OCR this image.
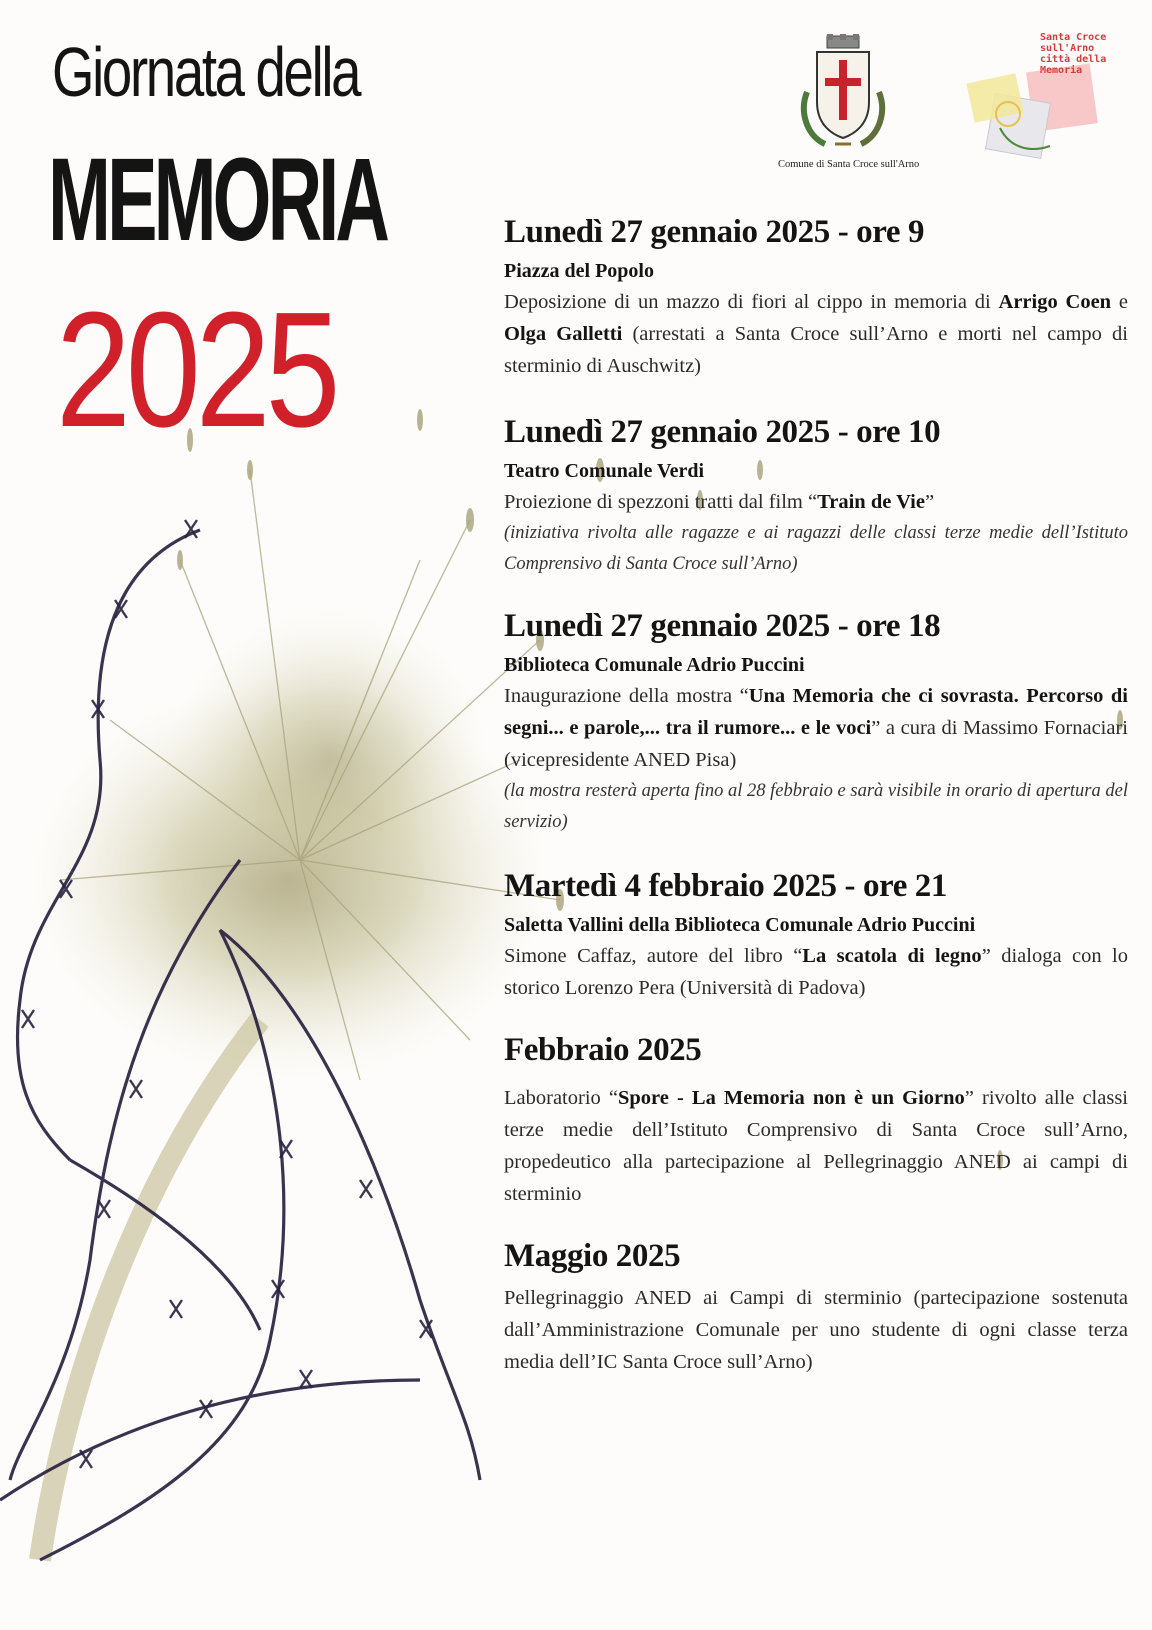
Giornata della
MEMORIA
2025
Comune di Santa Croce sull'Arno
Santa Croce sull'Arno città della Memoria
Lunedì 27 gennaio 2025 - ore 9
Piazza del Popolo
Deposizione di un mazzo di fiori al cippo in memoria di Arrigo Coen e Olga Galletti (arrestati a Santa Croce sull’Arno e morti nel campo di sterminio di Auschwitz)
Lunedì 27 gennaio 2025 - ore 10
Teatro Comunale Verdi
Proiezione di spezzoni tratti dal film “Train de Vie”
(iniziativa rivolta alle ragazze e ai ragazzi delle classi terze medie dell’Istituto Comprensivo di Santa Croce sull’Arno)
Lunedì 27 gennaio 2025 - ore 18
Biblioteca Comunale Adrio Puccini
Inaugurazione della mostra “Una Memoria che ci sovrasta. Percorso di segni... e parole,... tra il rumore... e le voci” a cura di Massimo Fornaciari (vicepresidente ANED Pisa)
(la mostra resterà aperta fino al 28 febbraio e sarà visibile in orario di apertura del servizio)
Martedì 4 febbraio 2025 - ore 21
Saletta Vallini della Biblioteca Comunale Adrio Puccini
Simone Caffaz, autore del libro “La scatola di legno” dialoga con lo storico Lorenzo Pera (Università di Padova)
Febbraio 2025
Laboratorio “Spore - La Memoria non è un Giorno” rivolto alle classi terze medie dell’Istituto Comprensivo di Santa Croce sull’Arno, propedeutico alla partecipazione al Pellegrinaggio ANED ai campi di sterminio
Maggio 2025
Pellegrinaggio ANED ai Campi di sterminio (partecipazione sostenuta dall’Amministrazione Comunale per uno studente di ogni classe terza media dell’IC Santa Croce sull’Arno)
